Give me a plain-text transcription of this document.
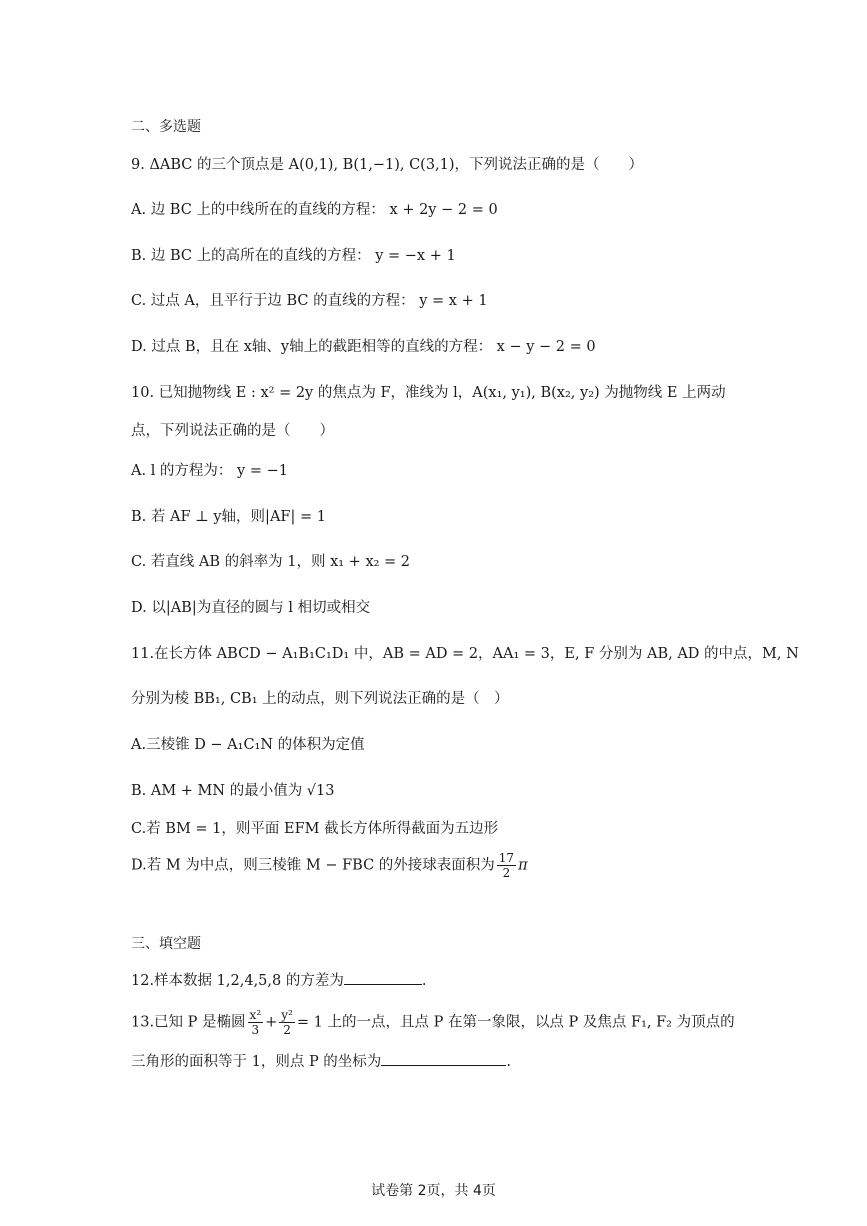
二、多选题
9. ΔABC 的三个顶点是 A(0,1), B(1,−1), C(3,1)，下列说法正确的是（　　）
A. 边 BC 上的中线所在的直线的方程： x + 2y − 2 = 0
B. 边 BC 上的高所在的直线的方程： y = −x + 1
C. 过点 A，且平行于边 BC 的直线的方程： y = x + 1
D. 过点 B，且在 x轴、y轴上的截距相等的直线的方程： x − y − 2 = 0
10. 已知抛物线 E : x² = 2y 的焦点为 F，准线为 l，A(x₁, y₁), B(x₂, y₂) 为抛物线 E 上两动
点，下列说法正确的是（　　）
A. l 的方程为： y = −1
B. 若 AF ⊥ y轴，则|AF| = 1
C. 若直线 AB 的斜率为 1，则 x₁ + x₂ = 2
D. 以|AB|为直径的圆与 l 相切或相交
11.在长方体 ABCD − A₁B₁C₁D₁ 中，AB = AD = 2，AA₁ = 3，E, F 分别为 AB, AD 的中点，M, N
分别为棱 BB₁, CB₁ 上的动点，则下列说法正确的是（　）
A.三棱锥 D − A₁C₁N 的体积为定值
B. AM + MN 的最小值为 √13
C.若 BM = 1，则平面 EFM 截长方体所得截面为五边形
D.若 M 为中点，则三棱锥 M − FBC 的外接球表面积为 $\frac{17}{2}$ π
三、填空题
12.样本数据 1,2,4,5,8 的方差为	.
13.已知 P 是椭圆 $\frac{\text{x²}}{3} + \frac{\text{y²}}{2} = 1$ 上的一点，且点 P 在第一象限，以点 P 及焦点 F₁, F₂ 为顶点的
三角形的面积等于 1，则点 P 的坐标为	.
试卷第 2页，共 4页
